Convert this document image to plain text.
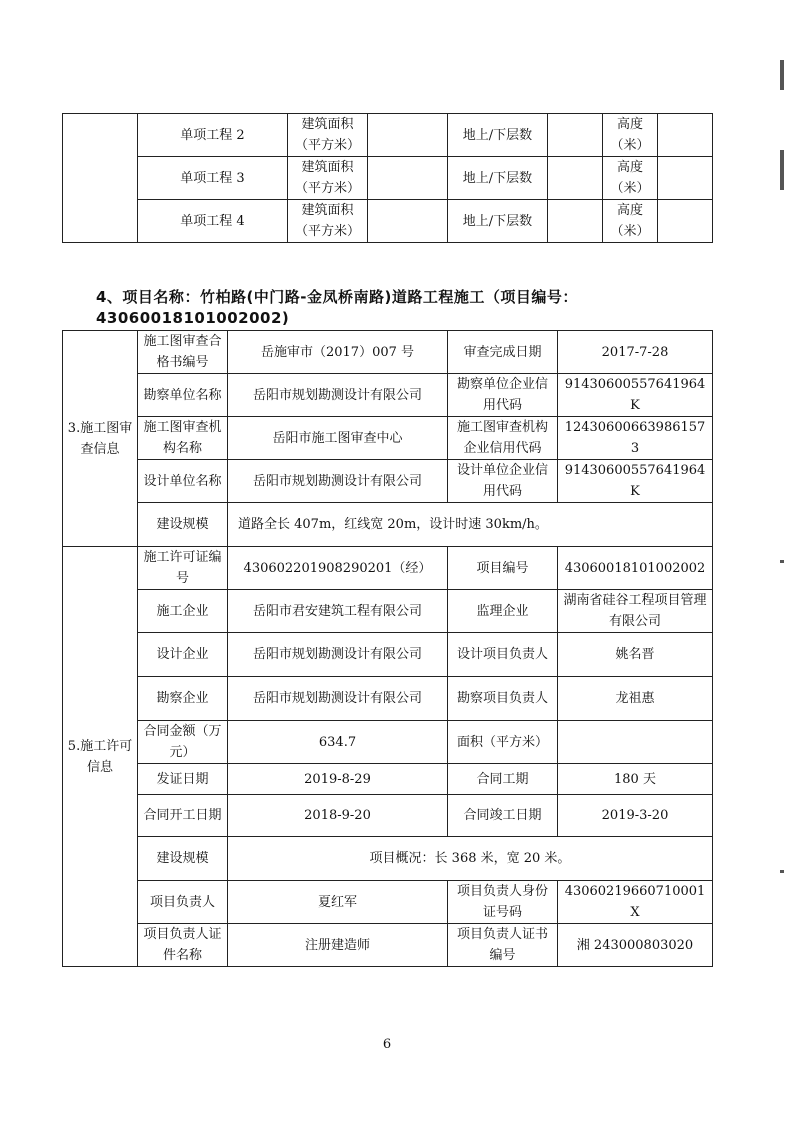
	单项工程 2	建筑面积（平方米）		地上/下层数		高度（米）	
	单项工程 3	建筑面积（平方米）		地上/下层数		高度（米）	
	单项工程 4	建筑面积（平方米）		地上/下层数		高度（米）	

4、项目名称：竹柏路(中门路-金凤桥南路)道路工程施工（项目编号：43060018101002002)

3.施工图审查信息	施工图审查合格书编号	岳施审市（2017）007 号	审查完成日期	2017-7-28
	勘察单位名称	岳阳市规划勘测设计有限公司	勘察单位企业信用代码	91430600557641964K
	施工图审查机构名称	岳阳市施工图审查中心	施工图审查机构企业信用代码	124306006639861573
	设计单位名称	岳阳市规划勘测设计有限公司	设计单位企业信用代码	91430600557641964K
	建设规模	道路全长 407m，红线宽 20m，设计时速 30km/h。		
5.施工许可信息	施工许可证编号	430602201908290201（经）	项目编号	43060018101002002
	施工企业	岳阳市君安建筑工程有限公司	监理企业	湖南省硅谷工程项目管理有限公司
	设计企业	岳阳市规划勘测设计有限公司	设计项目负责人	姚名晋
	勘察企业	岳阳市规划勘测设计有限公司	勘察项目负责人	龙祖惠
	合同金额（万元）	634.7	面积（平方米）	
	发证日期	2019-8-29	合同工期	180 天
	合同开工日期	2018-9-20	合同竣工日期	2019-3-20
	建设规模	项目概况：长 368 米，宽 20 米。		
	项目负责人	夏红军	项目负责人身份证号码	43060219660710001X
	项目负责人证件名称	注册建造师	项目负责人证书编号	湘 243000803020
6
